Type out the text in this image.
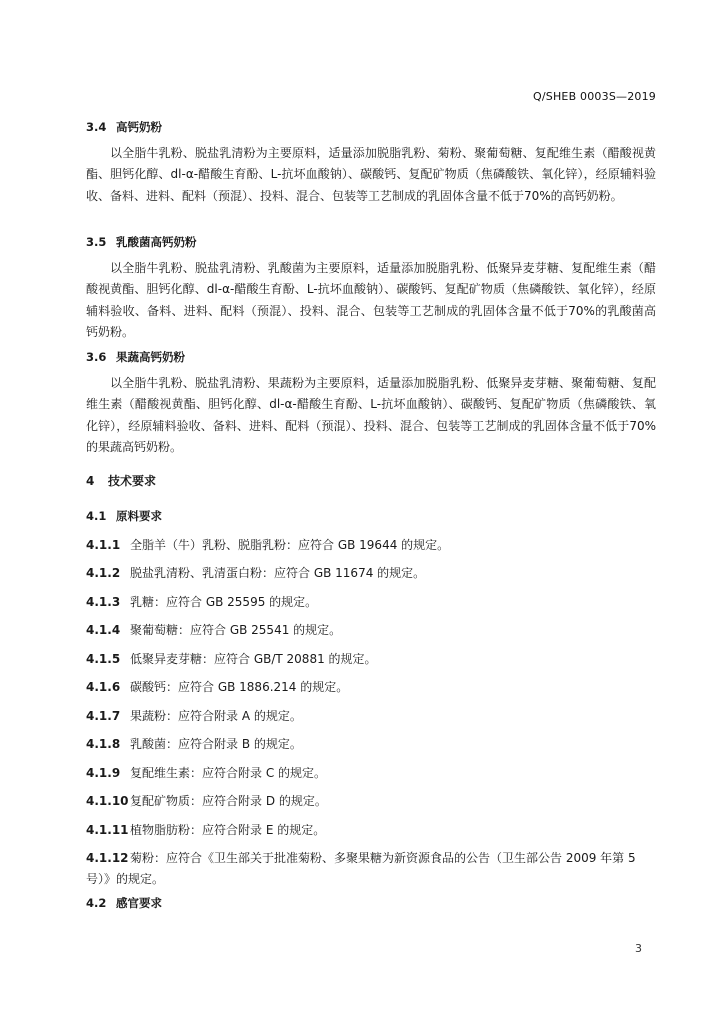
Q/SHEB 0003S—2019
3.4 高钙奶粉

以全脂牛乳粉、脱盐乳清粉为主要原料，适量添加脱脂乳粉、菊粉、聚葡萄糖、复配维生素（醋酸视黄酯、胆钙化醇、dl-α-醋酸生育酚、L-抗坏血酸钠）、碳酸钙、复配矿物质（焦磷酸铁、氧化锌），经原辅料验收、备料、进料、配料（预混）、投料、混合、包装等工艺制成的乳固体含量不低于70%的高钙奶粉。

3.5 乳酸菌高钙奶粉

以全脂牛乳粉、脱盐乳清粉、乳酸菌为主要原料，适量添加脱脂乳粉、低聚异麦芽糖、复配维生素（醋酸视黄酯、胆钙化醇、dl-α-醋酸生育酚、L-抗坏血酸钠）、碳酸钙、复配矿物质（焦磷酸铁、氧化锌），经原辅料验收、备料、进料、配料（预混）、投料、混合、包装等工艺制成的乳固体含量不低于70%的乳酸菌高钙奶粉。

3.6 果蔬高钙奶粉

以全脂牛乳粉、脱盐乳清粉、果蔬粉为主要原料，适量添加脱脂乳粉、低聚异麦芽糖、聚葡萄糖、复配维生素（醋酸视黄酯、胆钙化醇、dl-α-醋酸生育酚、L-抗坏血酸钠）、碳酸钙、复配矿物质（焦磷酸铁、氧化锌），经原辅料验收、备料、进料、配料（预混）、投料、混合、包装等工艺制成的乳固体含量不低于70%的果蔬高钙奶粉。

4 技术要求
4.1 原料要求
4.1.1 全脂羊（牛）乳粉、脱脂乳粉：应符合 GB 19644 的规定。
4.1.2 脱盐乳清粉、乳清蛋白粉：应符合 GB 11674 的规定。
4.1.3 乳糖：应符合 GB 25595 的规定。
4.1.4 聚葡萄糖：应符合 GB 25541 的规定。
4.1.5 低聚异麦芽糖：应符合 GB/T 20881 的规定。
4.1.6 碳酸钙：应符合 GB 1886.214 的规定。
4.1.7 果蔬粉：应符合附录 A 的规定。
4.1.8 乳酸菌：应符合附录 B 的规定。
4.1.9 复配维生素：应符合附录 C 的规定。
4.1.10复配矿物质：应符合附录 D 的规定。
4.1.11植物脂肪粉：应符合附录 E 的规定。
4.1.12菊粉：应符合《卫生部关于批准菊粉、多聚果糖为新资源食品的公告（卫生部公告 2009 年第 5 号）》的规定。
4.2 感官要求
3
